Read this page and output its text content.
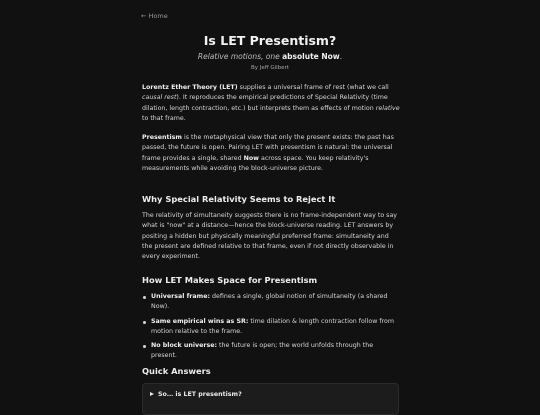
← Home
Is LET Presentism?

Relative motions, one absolute Now.

By Jeff Gilbert

Lorentz Ether Theory (LET) supplies a universal frame of rest (what we call causal rest). It reproduces the empirical predictions of Special Relativity (time dilation, length contraction, etc.) but interprets them as effects of motion relative to that frame.

Presentism is the metaphysical view that only the present exists: the past has passed, the future is open. Pairing LET with presentism is natural: the universal frame provides a single, shared Now across space. You keep relativity's measurements while avoiding the block-universe picture.

Why Special Relativity Seems to Reject It

The relativity of simultaneity suggests there is no frame-independent way to say what is "now" at a distance—hence the block-universe reading. LET answers by positing a hidden but physically meaningful preferred frame: simultaneity and the present are defined relative to that frame, even if not directly observable in every experiment.

How LET Makes Space for Presentism
Universal frame: defines a single, global notion of simultaneity (a shared Now).
Same empirical wins as SR: time dilation & length contraction follow from motion relative to the frame.
No block universe: the future is open; the world unfolds through the present.
Quick Answers
So… is LET presentism?
